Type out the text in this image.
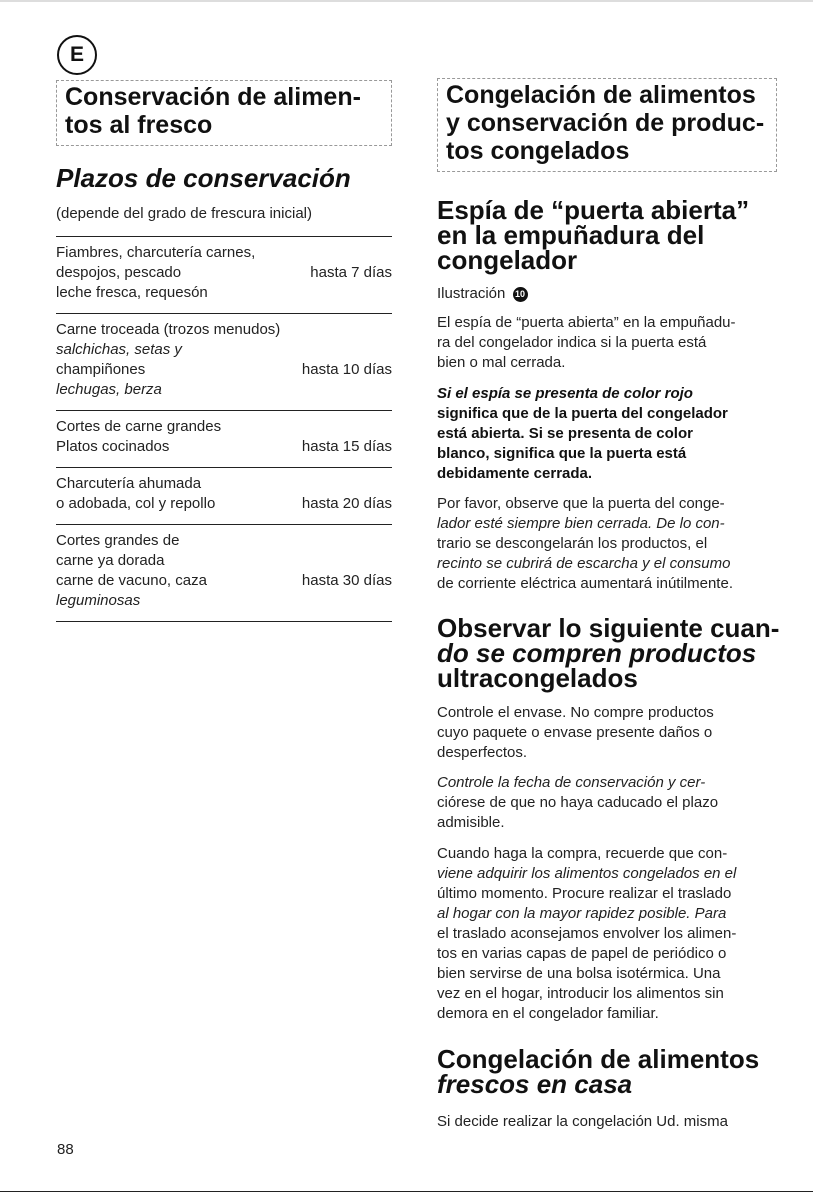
E
Conservación de alimen-
tos al fresco
Plazos de conservación
(depende del grado de frescura inicial)
Fiambres, charcutería carnes,
despojos, pescado
leche fresca, requesón
hasta 7 días
Carne troceada (trozos menudos)
salchichas, setas y
champiñones
lechugas, berza
hasta 10 días
Cortes de carne grandes
Platos cocinados	hasta 15 días
Charcutería ahumada
o adobada, col y repollo	hasta 20 días
Cortes grandes de
carne ya dorada
carne de vacuno, caza
leguminosas
hasta 30 días
Congelación de alimentos
y conservación de produc-
tos congelados
Espía de “puerta abierta”
en la empuñadura del
congelador
Ilustración 10
El espía de “puerta abierta” en la empuñadu-
ra del congelador indica si la puerta está
bien o mal cerrada.
Si el espía se presenta de color rojo
significa que de la puerta del congelador
está abierta. Si se presenta de color
blanco, significa que la puerta está
debidamente cerrada.
Por favor, observe que la puerta del conge-
lador esté siempre bien cerrada. De lo con-
trario se descongelarán los productos, el
recinto se cubrirá de escarcha y el consumo
de corriente eléctrica aumentará inútilmente.
Observar lo siguiente cuan-
do se compren productos
ultracongelados
Controle el envase. No compre productos
cuyo paquete o envase presente daños o
desperfectos.
Controle la fecha de conservación y cer-
ciórese de que no haya caducado el plazo
admisible.
Cuando haga la compra, recuerde que con-
viene adquirir los alimentos congelados en el
último momento. Procure realizar el traslado
al hogar con la mayor rapidez posible. Para
el traslado aconsejamos envolver los alimen-
tos en varias capas de papel de periódico o
bien servirse de una bolsa isotérmica. Una
vez en el hogar, introducir los alimentos sin
demora en el congelador familiar.
Congelación de alimentos
frescos en casa
Si decide realizar la congelación Ud. misma
88
